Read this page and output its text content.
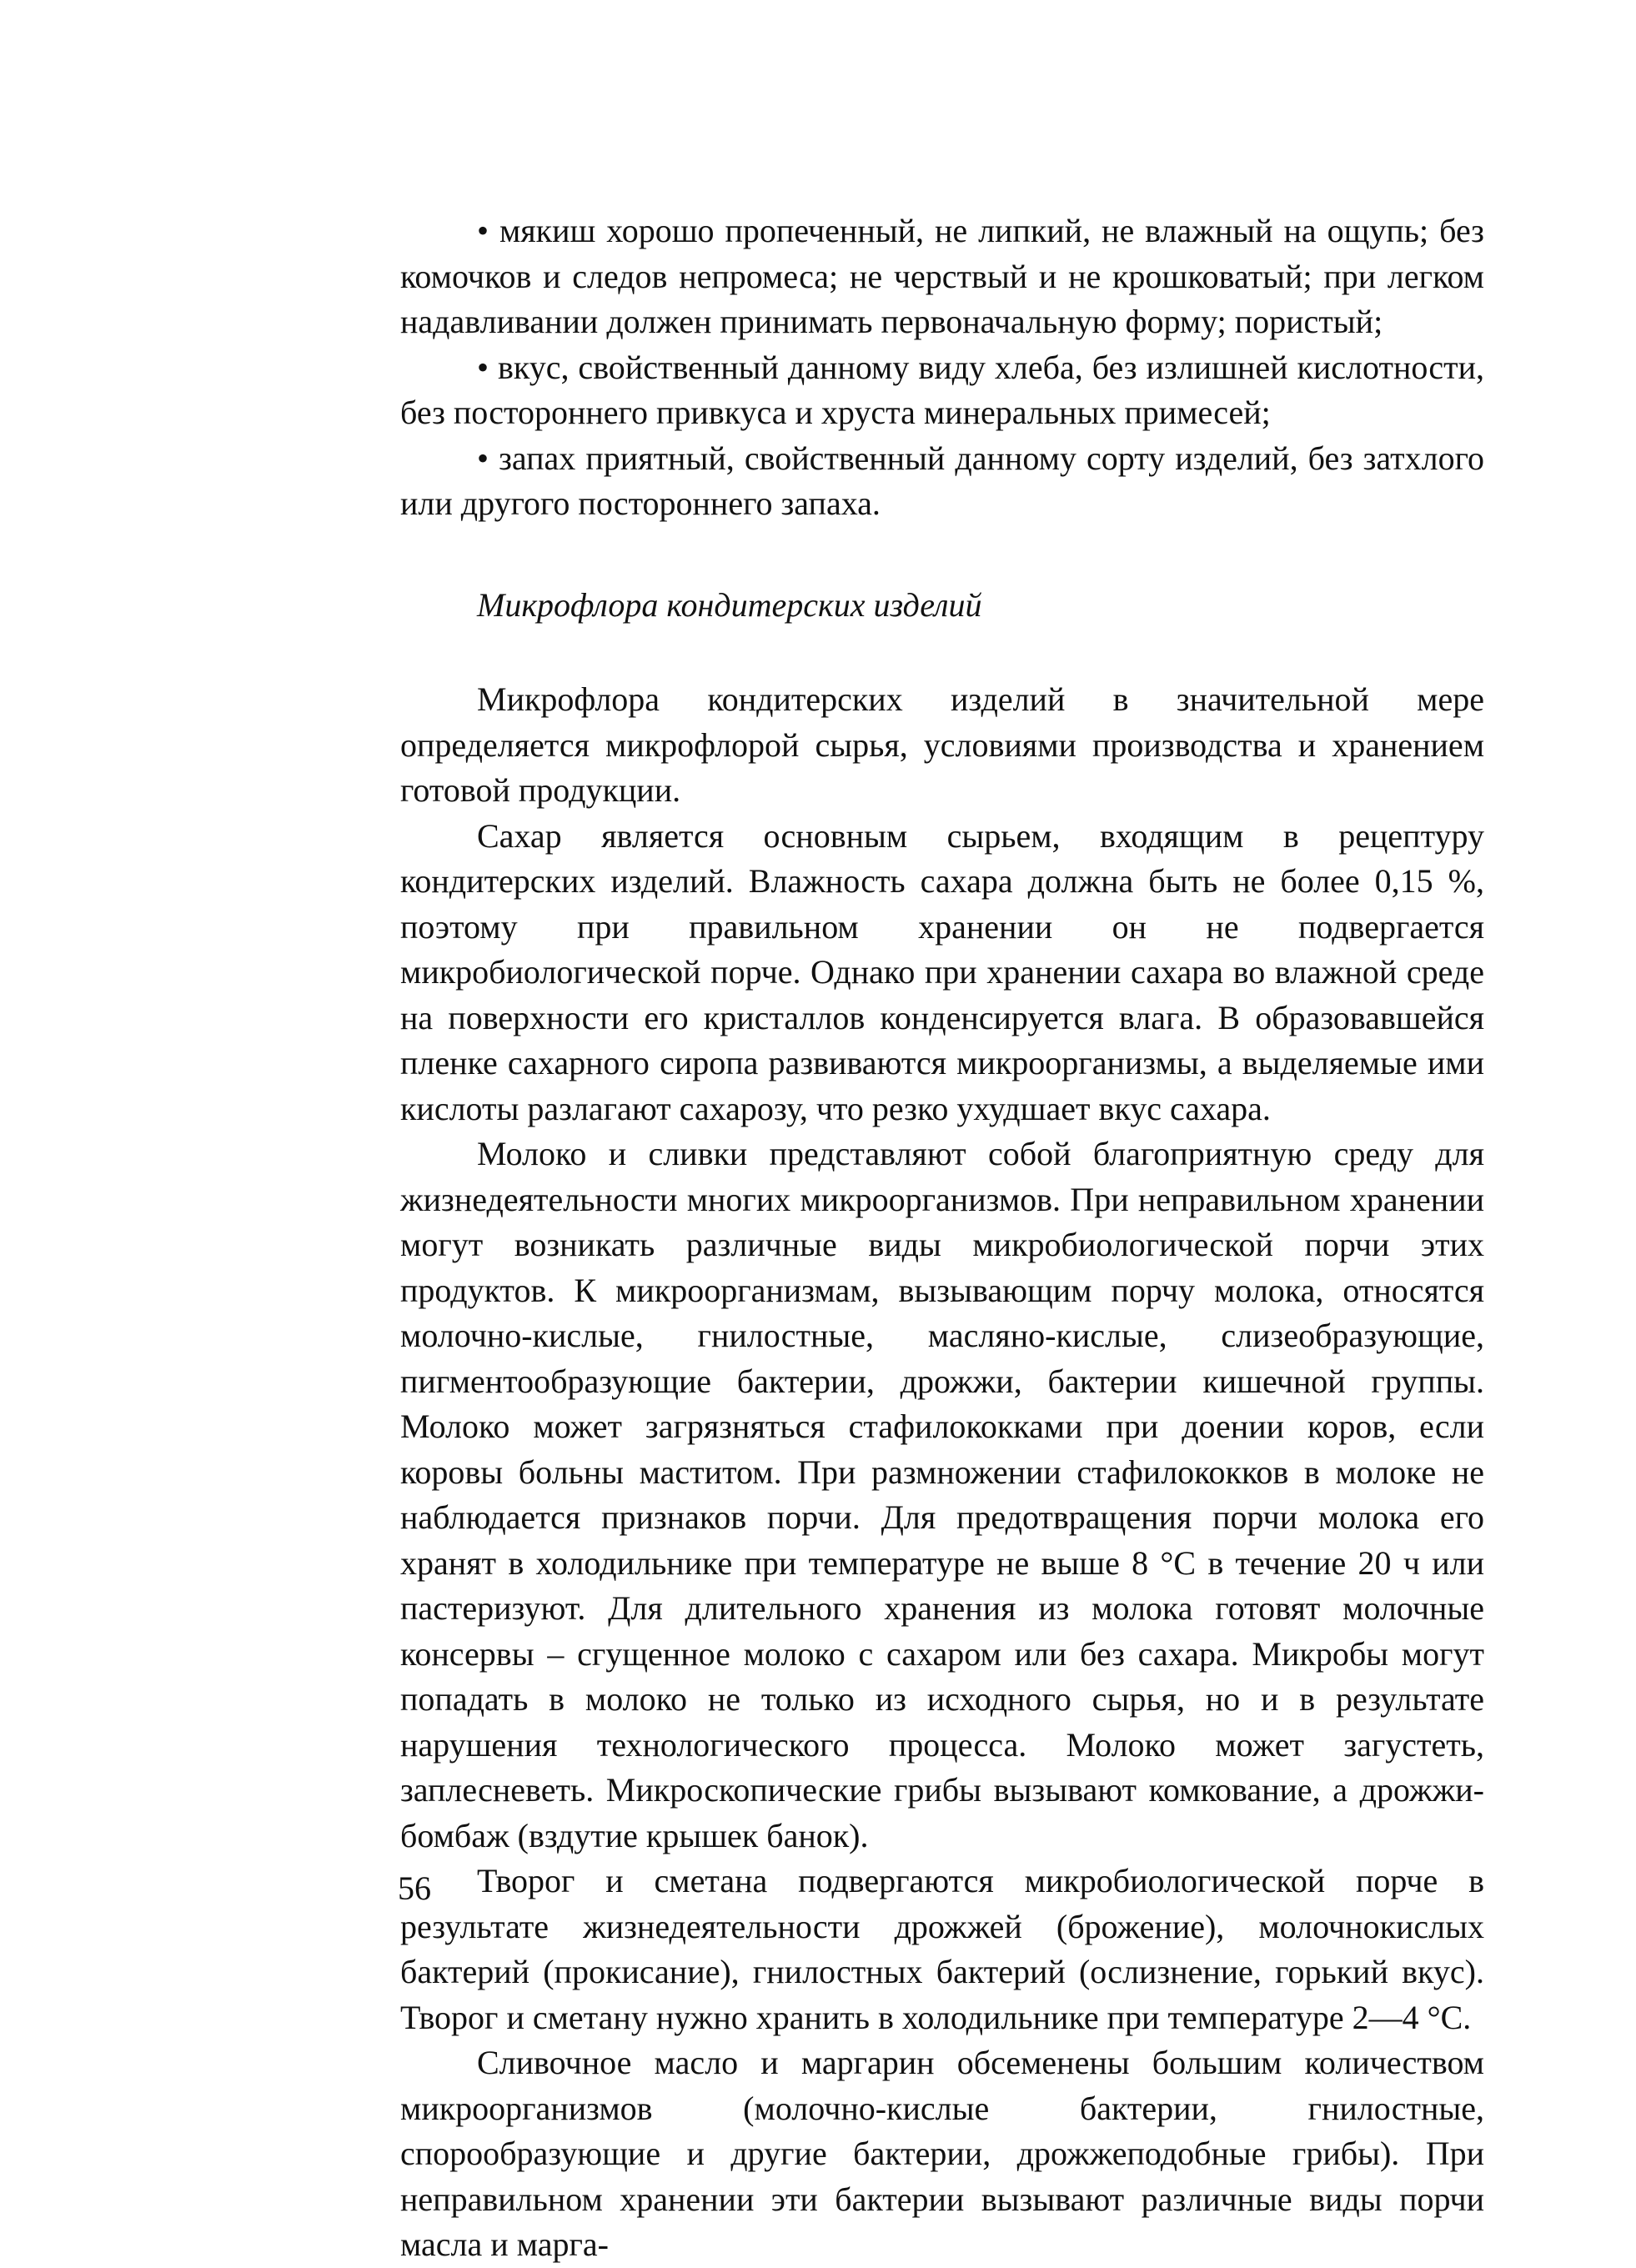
• мякиш хорошо пропеченный, не липкий, не влажный на ощупь; без комочков и следов непромеса; не черствый и не крошковатый; при легком надавливании должен принимать первоначальную форму; пористый;

• вкус, свойственный данному виду хлеба, без излишней кислотности, без постороннего привкуса и хруста минеральных примесей;

• запах приятный, свойственный данному сорту изделий, без затхлого или другого постороннего запаха.

Микрофлора кондитерских изделий

Микрофлора кондитерских изделий в значительной мере определяется микрофлорой сырья, условиями производства и хранением готовой продукции.

Сахар является основным сырьем, входящим в рецептуру кондитерских изделий. Влажность сахара должна быть не более 0,15 %, поэтому при правильном хранении он не подвергается микробиологической порче. Однако при хранении сахара во влажной среде на поверхности его кристаллов конденсируется влага. В образовавшейся пленке сахарного сиропа развиваются микроорганизмы, а выделяемые ими кислоты разлагают сахарозу, что резко ухудшает вкус сахара.

Молоко и сливки представляют собой благоприятную среду для жизнедеятельности многих микроорганизмов. При неправильном хранении могут возникать различные виды микробиологической порчи этих продуктов. К микроорганизмам, вызывающим порчу молока, относятся молочно-кислые, гнилостные, масляно-кислые, слизеобразующие, пигментообразующие бактерии, дрожжи, бактерии кишечной группы. Молоко может загрязняться стафилококками при доении коров, если коровы больны маститом. При размножении стафилококков в молоке не наблюдается признаков порчи. Для предотвращения порчи молока его хранят в холодильнике при температуре не выше 8 °С в течение 20 ч или пастеризуют. Для длительного хранения из молока готовят молочные консервы – сгущенное молоко с сахаром или без сахара. Микробы могут попадать в молоко не только из исходного сырья, но и в результате нарушения технологического процесса. Молоко может загустеть, заплесневеть. Микроскопические грибы вызывают комкование, а дрожжи-бомбаж (вздутие крышек банок).

Творог и сметана подвергаются микробиологической порче в результате жизнедеятельности дрожжей (брожение), молочнокислых бактерий (прокисание), гнилостных бактерий (ослизнение, горький вкус). Творог и сметану нужно хранить в холодильнике при температуре 2—4 °С.

Сливочное масло и маргарин обсеменены большим количеством микроорганизмов (молочно-кислые бактерии, гнилостные, спорообразующие и другие бактерии, дрожжеподобные грибы). При неправильном хранении эти бактерии вызывают различные виды порчи масла и марга-

56
